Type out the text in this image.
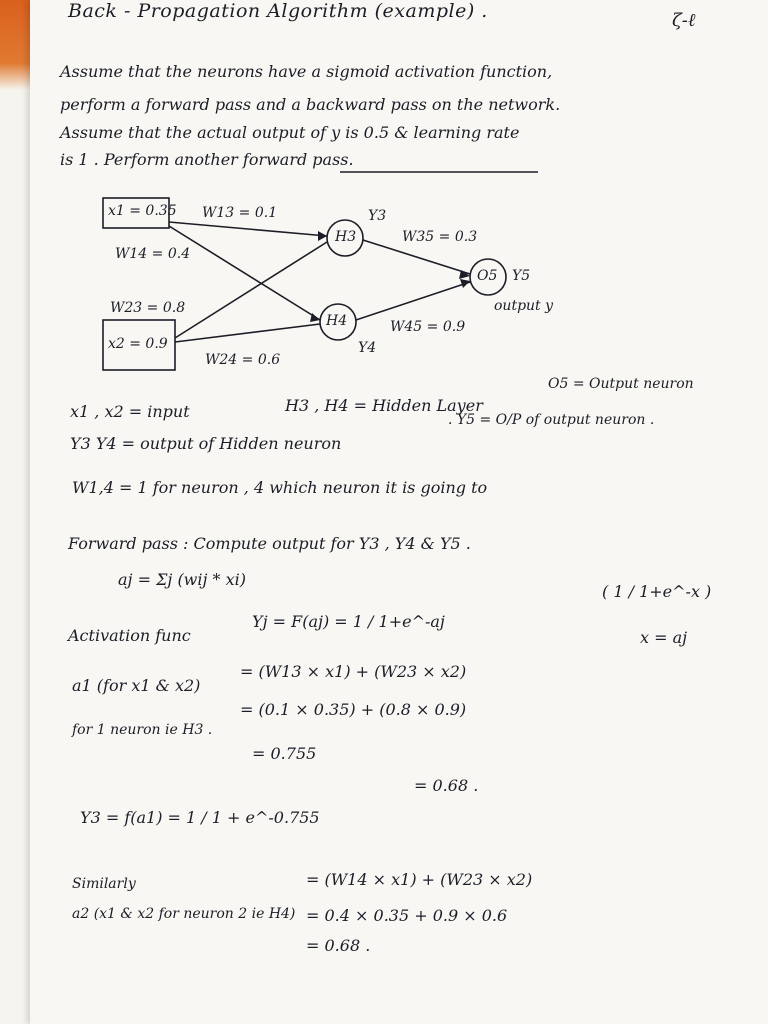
Back - Propagation Algorithm (example) .	ζ-ℓ
Assume that the neurons have a sigmoid activation function,
perform a forward pass and a backward pass on the network.
Assume that the actual output of y is 0.5 & learning rate
is 1 . Perform another forward pass.
x1 = 0.35
x2 = 0.9
H3
H4
O5
W13 = 0.1
W14 = 0.4
W23 = 0.8
W24 = 0.6
W35 = 0.3
W45 = 0.9
Y3
Y4
Y5
output y
x1 , x2 = input	H3 , H4 = Hidden Layer
O5 = Output neuron
Y3 Y4 = output of Hidden neuron
. Y5 = O/P of output neuron .
W1,4 = 1 for neuron , 4 which neuron it is going to
Forward pass : Compute output for Y3 , Y4 & Y5 .
aj = Σj (wij * xi)
( 1 / 1+e^-x )
Activation func
Yj = F(aj) = 1 / 1+e^-aj
x = aj
a1 (for x1 & x2)
= (W13 × x1) + (W23 × x2)
for 1 neuron ie H3 .
= (0.1 × 0.35) + (0.8 × 0.9)
= 0.755
Y3 = f(a1) = 1 / 1 + e^-0.755
= 0.68 .
Similarly
a2 (x1 & x2 for neuron 2 ie H4)
= (W14 × x1) + (W23 × x2)
= 0.4 × 0.35 + 0.9 × 0.6
= 0.68 .
